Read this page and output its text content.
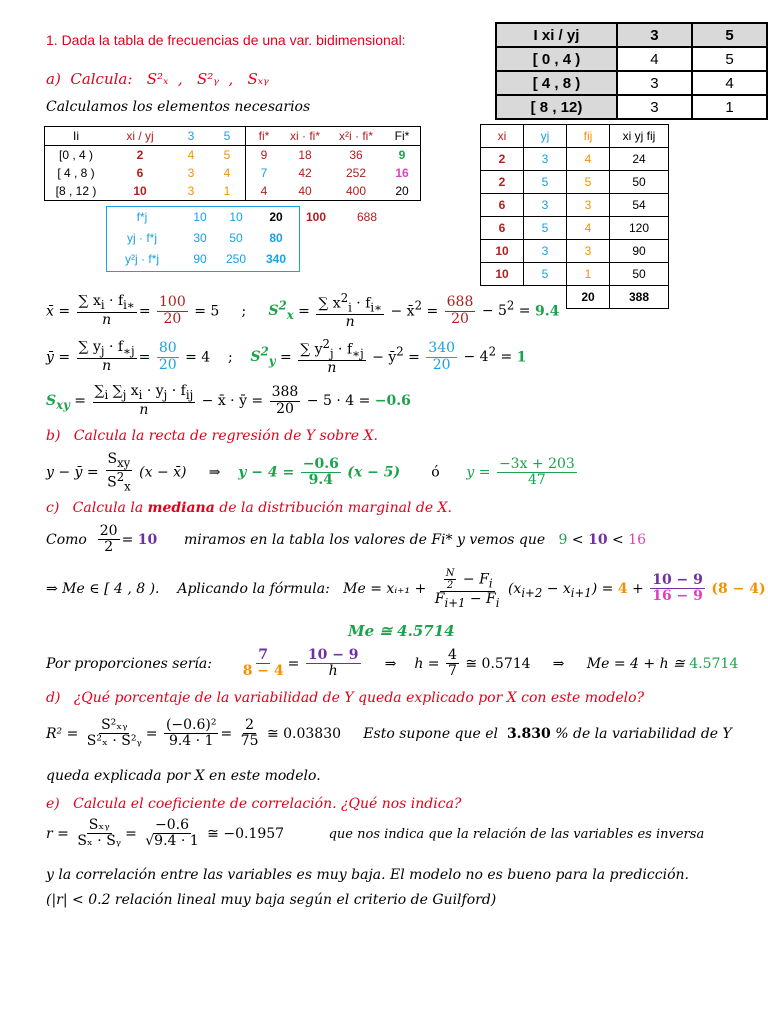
1. Dada la tabla de frecuencias de una var. bidimensional:	I xi / yj	3	5
[ 0 , 4 )	4	5
[ 4 , 8 )	3	4
[ 8 , 12)	3	1
a) Calcula: S²ₓ  ,   S²ᵧ  ,   Sₓᵧ
Calculamos los elementos necesarios
Ii	xi / yj	3	5	fi*	xi · fi*	x²i · fi*	Fi*
[0 , 4 )	2	4	5	9	18	36	9
[ 4 , 8 )	6	3	4	7	42	252	16
[8 , 12 )	10	3	1	4	40	400	20
f*j	10	10	20
yj · f*j	30	50	80
y²j · f*j	90	250	340
100	688
xi	yj	fij	xi yj fij
2	3	4	24
2	5	5	50
6	3	3	54
6	5	4	120
10	3	3	90
10	5	1	50
		20	388
x̄ = $\frac{\sum x_i \cdot f_{i∗}}{n} = \frac{100}{20} = 5$     ;     $S^2_x = \frac{\sum x^2_i \cdot f_{i∗}}{n}$ − x̄$^2$ = $\frac{688}{20} - 5^2 = 9.4$
ȳ = $\frac{\sum y_j \cdot f_{∗j}}{n} = \frac{80}{20} = 4$    ;    $S^2_y = \frac{\sum y^2_j \cdot f_{∗j}}{n}$ − $ȳ^2 = \frac{340}{20} - 4^2 = 1$
$S_{xy} = \frac{\sum_i \sum_j x_i \cdot y_j \cdot f_{ij}}{n}$ − x̄ · ȳ = $\frac{388}{20} - 5 \cdot 4 = -0.6$
b) Calcula la recta de regresión de Y sobre X.
y − ȳ = $\frac{S_{xy}}{S^2_x} (x$ − x̄)     ⇒    $y - 4 = \frac{-0.6}{9.4} (x - 5)$ ó $y = \frac{-3x + 203}{47}$
c) Calcula la mediana de la distribución marginal de X.
Como $\frac{20}{2} = 10$ miramos en la tabla los valores de Fi* y vemos que 9 < 10 < 16
⇒ Me ∈ [ 4 , 8 ). Aplicando la fórmula: Me = xᵢ₊₁ + $\frac{\frac{N}{2} - F_i}{F_{i+1} - F_i} (x_{i+2} - x_{i+1}) = 4 + \frac{10 - 9}{16 - 9} (8 - 4)$
Me ≅ 4.5714
Por proporciones sería: $\frac{7}{8 - 4} = \frac{10 - 9}{h}$ ⇒    $h = \frac{4}{7}$ ≅ 0.5714     ⇒     Me = 4 + h ≅ 4.5714
d) ¿Qué porcentaje de la variabilidad de Y queda explicado por X con este modelo?
$R^2 = \frac{\text{S²ₓᵧ}}{\text{S²ₓ · S²ᵧ}} = \frac{\text{(−0.6)²}}{9.4 \cdot 1} = \frac{2}{75}$ ≅ 0.03830 Esto supone que el 3.830 % de la variabilidad de Y
queda explicada por X en este modelo.
e) Calcula el coeficiente de correlación. ¿Qué nos indica?
$r = \frac{\text{Sₓᵧ}}{\text{Sₓ · Sᵧ}} = \frac{-0.6}{√9.4 \cdot 1}$ ≅ −0.1957	que nos indica que la relación de las variables es inversa
y la correlación entre las variables es muy baja. El modelo no es bueno para la predicción.
(|r| < 0.2 relación lineal muy baja según el criterio de Guilford)
